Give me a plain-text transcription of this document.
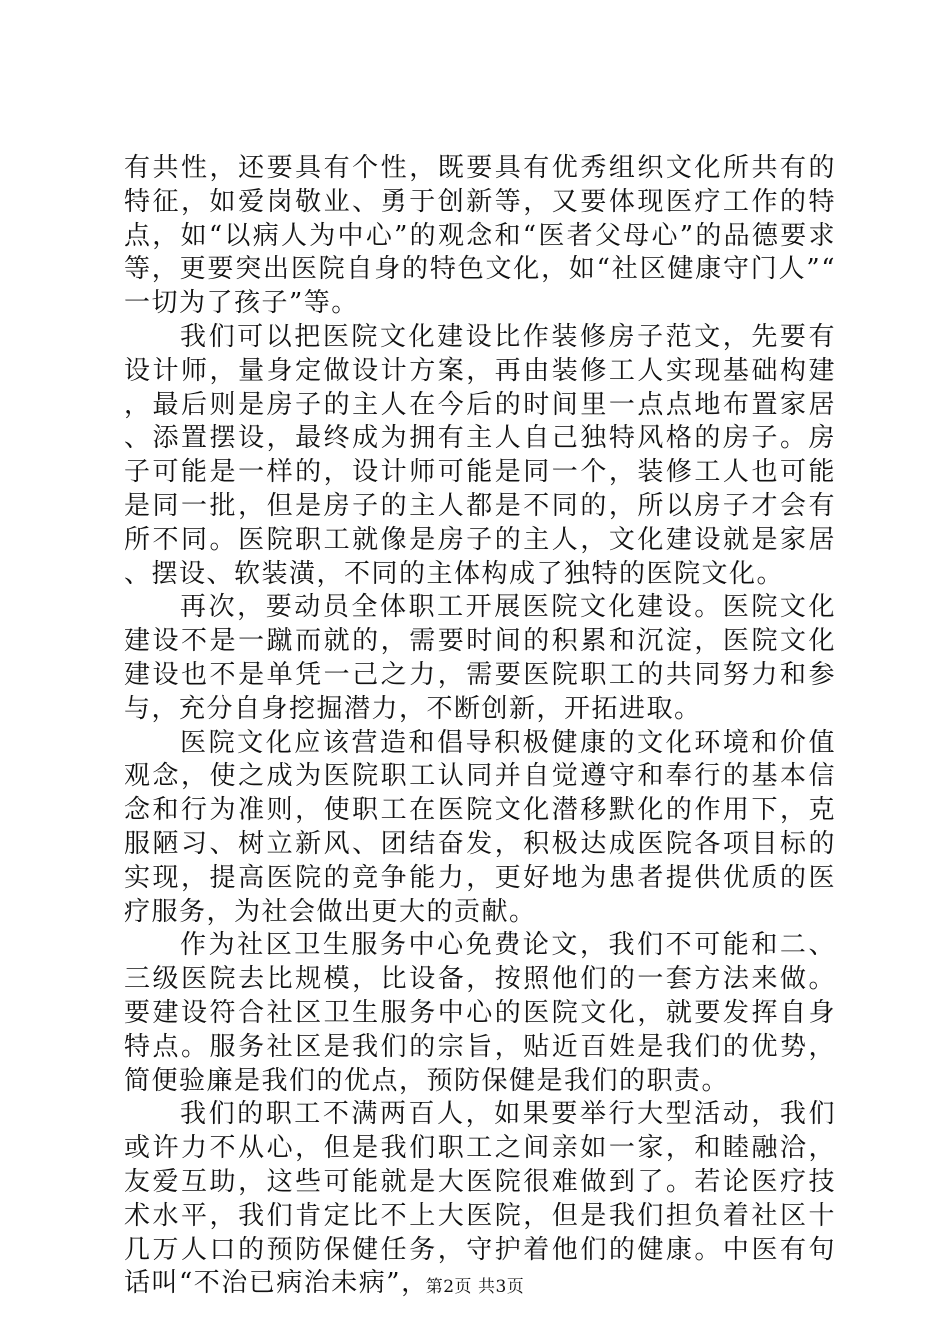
有共性，还要具有个性，既要具有优秀组织文化所共有的特征，如爱岗敬业、勇于创新等，又要体现医疗工作的特点，如“以病人为中心”的观念和“医者父母心”的品德要求等，更要突出医院自身的特色文化，如“社区健康守门人”“一切为了孩子”等。

我们可以把医院文化建设比作装修房子范文，先要有设计师，量身定做设计方案，再由装修工人实现基础构建，最后则是房子的主人在今后的时间里一点点地布置家居、添置摆设，最终成为拥有主人自己独特风格的房子。房子可能是一样的，设计师可能是同一个，装修工人也可能是同一批，但是房子的主人都是不同的，所以房子才会有所不同。医院职工就像是房子的主人，文化建设就是家居、摆设、软装潢，不同的主体构成了独特的医院文化。

再次，要动员全体职工开展医院文化建设。医院文化建设不是一蹴而就的，需要时间的积累和沉淀，医院文化建设也不是单凭一己之力，需要医院职工的共同努力和参与，充分自身挖掘潜力，不断创新，开拓进取。

医院文化应该营造和倡导积极健康的文化环境和价值观念，使之成为医院职工认同并自觉遵守和奉行的基本信念和行为准则，使职工在医院文化潜移默化的作用下，克服陋习、树立新风、团结奋发，积极达成医院各项目标的实现，提高医院的竞争能力，更好地为患者提供优质的医疗服务，为社会做出更大的贡献。

作为社区卫生服务中心免费论文，我们不可能和二、三级医院去比规模，比设备，按照他们的一套方法来做。要建设符合社区卫生服务中心的医院文化，就要发挥自身特点。服务社区是我们的宗旨，贴近百姓是我们的优势，简便验廉是我们的优点，预防保健是我们的职责。

我们的职工不满两百人，如果要举行大型活动，我们或许力不从心，但是我们职工之间亲如一家，和睦融洽，友爱互助，这些可能就是大医院很难做到了。若论医疗技术水平，我们肯定比不上大医院，但是我们担负着社区十几万人口的预防保健任务，守护着他们的健康。中医有句话叫“不治已病治未病”，

第2页 共3页
